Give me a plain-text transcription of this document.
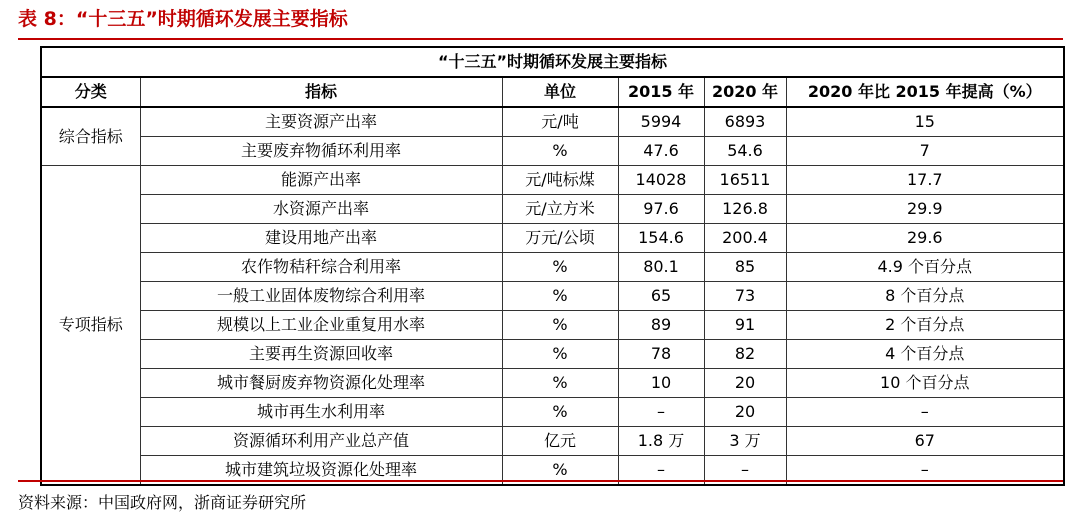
表 8：“十三五”时期循环发展主要指标
“十三五”时期循环发展主要指标					
分类	指标	单位	2015 年	2020 年	2020 年比 2015 年提高（%）
综合指标	主要资源产出率	元/吨	5994	6893	15
	主要废弃物循环利用率	%	47.6	54.6	7
专项指标	能源产出率	元/吨标煤	14028	16511	17.7
	水资源产出率	元/立方米	97.6	126.8	29.9
	建设用地产出率	万元/公顷	154.6	200.4	29.6
	农作物秸秆综合利用率	%	80.1	85	4.9 个百分点
	一般工业固体废物综合利用率	%	65	73	8 个百分点
	规模以上工业企业重复用水率	%	89	91	2 个百分点
	主要再生资源回收率	%	78	82	4 个百分点
	城市餐厨废弃物资源化处理率	%	10	20	10 个百分点
	城市再生水利用率	%	–	20	–
	资源循环利用产业总产值	亿元	1.8 万	3 万	67
	城市建筑垃圾资源化处理率	%	–	–	–
资料来源：中国政府网，浙商证券研究所
